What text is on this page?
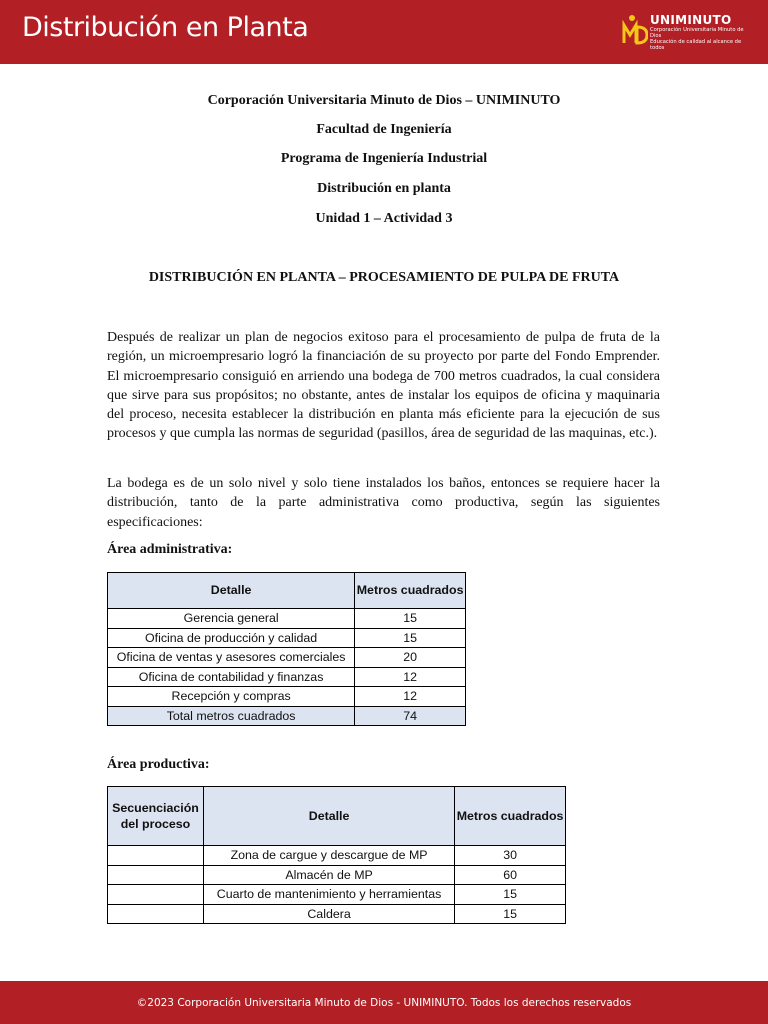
Distribución en Planta	UNIMINUTO
Corporación Universitaria Minuto de Dios
Educación de calidad al alcance de todos

Corporación Universitaria Minuto de Dios – UNIMINUTO

Facultad de Ingeniería

Programa de Ingeniería Industrial

Distribución en planta

Unidad 1 – Actividad 3

DISTRIBUCIÓN EN PLANTA – PROCESAMIENTO DE PULPA DE FRUTA

Después de realizar un plan de negocios exitoso para el procesamiento de pulpa de fruta de la región, un microempresario logró la financiación de su proyecto por parte del Fondo Emprender. El microempresario consiguió en arriendo una bodega de 700 metros cuadrados, la cual considera que sirve para sus propósitos; no obstante, antes de instalar los equipos de oficina y maquinaria del proceso, necesita establecer la distribución en planta más eficiente para la ejecución de sus procesos y que cumpla las normas de seguridad (pasillos, área de seguridad de las maquinas, etc.).

La bodega es de un solo nivel y solo tiene instalados los baños, entonces se requiere hacer la distribución, tanto de la parte administrativa como productiva, según las siguientes especificaciones:

Área administrativa:

Detalle	Metros cuadrados
Gerencia general	15
Oficina de producción y calidad	15
Oficina de ventas y asesores comerciales	20
Oficina de contabilidad y finanzas	12
Recepción y compras	12
Total metros cuadrados	74

Área productiva:

Secuenciación del proceso	Detalle	Metros cuadrados
	Zona de cargue y descargue de MP	30
	Almacén de MP	60
	Cuarto de mantenimiento y herramientas	15
	Caldera	15
©2023 Corporación Universitaria Minuto de Dios - UNIMINUTO. Todos los derechos reservados
